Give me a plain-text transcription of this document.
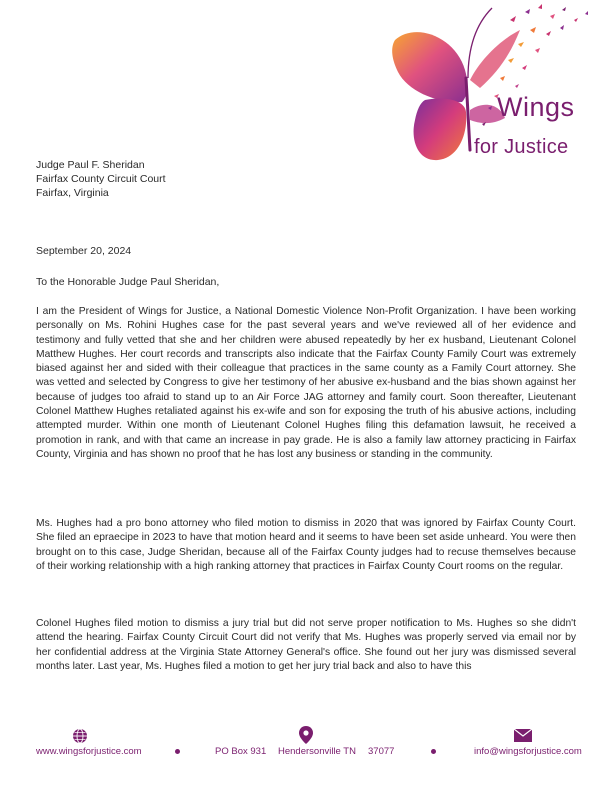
Wings
for Justice
Judge Paul F. Sheridan
Fairfax County Circuit Court
Fairfax, Virginia
September 20, 2024
To the Honorable Judge Paul Sheridan,

I am the President of Wings for Justice, a National Domestic Violence Non-Profit Organization. I have been working personally on Ms. Rohini Hughes case for the past several years and we've reviewed all of her evidence and testimony and fully vetted that she and her children were abused repeatedly by her ex husband, Lieutenant Colonel Matthew Hughes. Her court records and transcripts also indicate that the Fairfax County Family Court was extremely biased against her and sided with their colleague that practices in the same county as a Family Court attorney. She was vetted and selected by Congress to give her testimony of her abusive ex-husband and the bias shown against her because of judges too afraid to stand up to an Air Force JAG attorney and family court. Soon thereafter, Lieutenant Colonel Matthew Hughes retaliated against his ex-wife and son for exposing the truth of his abusive actions, including attempted murder. Within one month of Lieutenant Colonel Hughes filing this defamation lawsuit, he received a promotion in rank, and with that came an increase in pay grade. He is also a family law attorney practicing in Fairfax County, Virginia and has shown no proof that he has lost any business or standing in the community.

Ms. Hughes had a pro bono attorney who filed motion to dismiss in 2020 that was ignored by Fairfax County Court. She filed an epraecipe in 2023 to have that motion heard and it seems to have been set aside unheard. You were then brought on to this case, Judge Sheridan, because all of the Fairfax County judges had to recuse themselves because of their working relationship with a high ranking attorney that practices in Fairfax County Court rooms on the regular.

Colonel Hughes filed motion to dismiss a jury trial but did not serve proper notification to Ms. Hughes so she didn't attend the hearing. Fairfax County Circuit Court did not verify that Ms. Hughes was properly served via email nor by her confidential address at the Virginia State Attorney General's office. She found out her jury was dismissed several months later. Last year, Ms. Hughes filed a motion to get her jury trial back and also to have this

www.wingsforjustice.com	PO Box 931 Hendersonville TN 37077	info@wingsforjustice.com
